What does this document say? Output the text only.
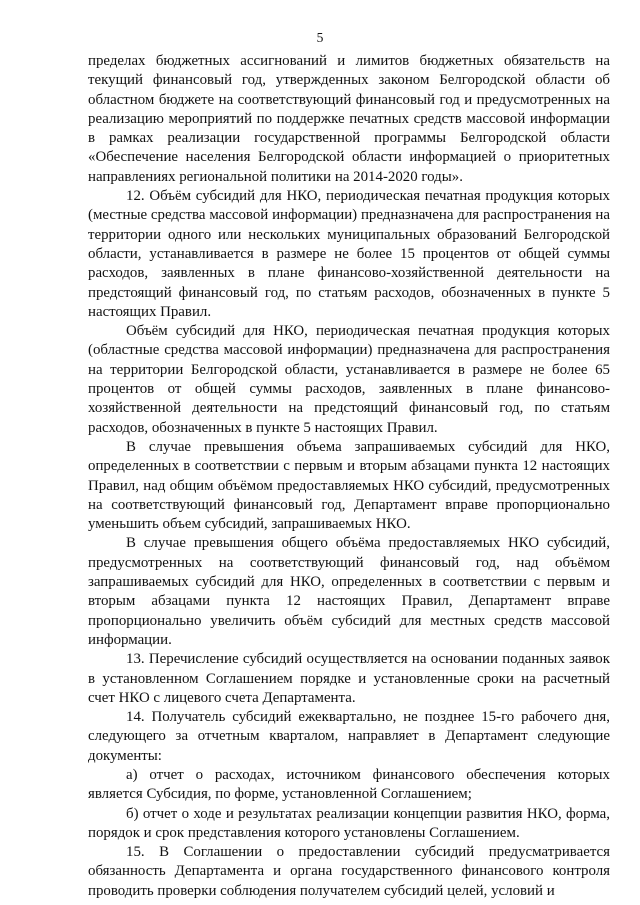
5

пределах бюджетных ассигнований и лимитов бюджетных обязательств на текущий финансовый год, утвержденных законом Белгородской области об областном бюджете на соответствующий финансовый год и предусмотренных на реализацию мероприятий по поддержке печатных средств массовой информации в рамках реализации государственной программы Белгородской области «Обеспечение населения Белгородской области информацией о приоритетных направлениях региональной политики на 2014-2020 годы».

12. Объём субсидий для НКО, периодическая печатная продукция которых (местные средства массовой информации) предназначена для распространения на территории одного или нескольких муниципальных образований Белгородской области, устанавливается в размере не более 15 процентов от общей суммы расходов, заявленных в плане финансово-хозяйственной деятельности на предстоящий финансовый год, по статьям расходов, обозначенных в пункте 5 настоящих Правил.

Объём субсидий для НКО, периодическая печатная продукция которых (областные средства массовой информации) предназначена для распространения на территории Белгородской области, устанавливается в размере не более 65 процентов от общей суммы расходов, заявленных в плане финансово-хозяйственной деятельности на предстоящий финансовый год, по статьям расходов, обозначенных в пункте 5 настоящих Правил.

В случае превышения объема запрашиваемых субсидий для НКО, определенных в соответствии с первым и вторым абзацами пункта 12 настоящих Правил, над общим объёмом предоставляемых НКО субсидий, предусмотренных на соответствующий финансовый год, Департамент вправе пропорционально уменьшить объем субсидий, запрашиваемых НКО.

В случае превышения общего объёма предоставляемых НКО субсидий, предусмотренных на соответствующий финансовый год, над объёмом запрашиваемых субсидий для НКО, определенных в соответствии с первым и вторым абзацами пункта 12 настоящих Правил, Департамент вправе пропорционально увеличить объём субсидий для местных средств массовой информации.

13. Перечисление субсидий осуществляется на основании поданных заявок в установленном Соглашением порядке и установленные сроки на расчетный счет НКО с лицевого счета Департамента.

14. Получатель субсидий ежеквартально, не позднее 15-го рабочего дня, следующего за отчетным кварталом, направляет в Департамент следующие документы:

а) отчет о расходах, источником финансового обеспечения которых является Субсидия, по форме, установленной Соглашением;

б) отчет о ходе и результатах реализации концепции развития НКО, форма, порядок и срок представления которого установлены Соглашением.

15. В Соглашении о предоставлении субсидий предусматривается обязанность Департамента и органа государственного финансового контроля проводить проверки соблюдения получателем субсидий целей, условий и
